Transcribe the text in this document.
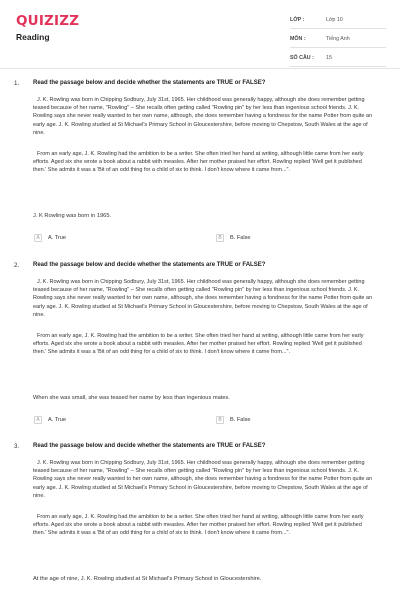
QUIZIZZ
Reading
LỚP :	Lớp 10
MÔN :	Tiếng Anh
SỐ CÂU :	15
1. Read the passage below and decide whether the statements are TRUE or FALSE?

J. K. Rowling was born in Chipping Sodbury, July 31st, 1965. Her childhood was generally happy, although she does remember getting teased because of her name, "Rowling" – She recalls often getting called "Rowling pin" by her less than ingenious school friends. J. K. Rowling says she never really wanted to her own name, although, she does remember having a fondness for the name Potter from quite an early age. J. K. Rowling studied at St Michael's Primary School in Gloucestershire, before moving to Chepstow, South Wales at the age of nine.

From an early age, J. K. Rowling had the ambition to be a writer. She often tried her hand at writing, although little came from her early efforts. Aged six she wrote a book about a rabbit with measles. After her mother praised her effort. Rowling replied 'Well get it published then.' She admits it was a 'Bit of an odd thing for a child of six to think. I don't know where it came from...".

J. K Rowling was born in 1965.
A	A. True	B	B. False
2. Read the passage below and decide whether the statements are TRUE or FALSE?

J. K. Rowling was born in Chipping Sodbury, July 31st, 1965. Her childhood was generally happy, although she does remember getting teased because of her name, "Rowling" – She recalls often getting called "Rowling pin" by her less than ingenious school friends. J. K. Rowling says she never really wanted to her own name, although, she does remember having a fondness for the name Potter from quite an early age. J. K. Rowling studied at St Michael's Primary School in Gloucestershire, before moving to Chepstow, South Wales at the age of nine.

From an early age, J. K. Rowling had the ambition to be a writer. She often tried her hand at writing, although little came from her early efforts. Aged six she wrote a book about a rabbit with measles. After her mother praised her effort. Rowling replied 'Well get it published then.' She admits it was a 'Bit of an odd thing for a child of six to think. I don't know where it came from...".

When she was small, she was teased her name by less than ingenious mates.
A	A. True	B	B. False
3. Read the passage below and decide whether the statements are TRUE or FALSE?

J. K. Rowling was born in Chipping Sodbury, July 31st, 1965. Her childhood was generally happy, although she does remember getting teased because of her name, "Rowling" – She recalls often getting called "Rowling pin" by her less than ingenious school friends. J. K. Rowling says she never really wanted to her own name, although, she does remember having a fondness for the name Potter from quite an early age. J. K. Rowling studied at St Michael's Primary School in Gloucestershire, before moving to Chepstow, South Wales at the age of nine.

From an early age, J. K. Rowling had the ambition to be a writer. She often tried her hand at writing, although little came from her early efforts. Aged six she wrote a book about a rabbit with measles. After her mother praised her effort. Rowling replied 'Well get it published then.' She admits it was a 'Bit of an odd thing for a child of six to think. I don't know where it came from...".

At the age of nine, J. K. Rowling studied at St Michael's Primary School in Gloucestershire.
